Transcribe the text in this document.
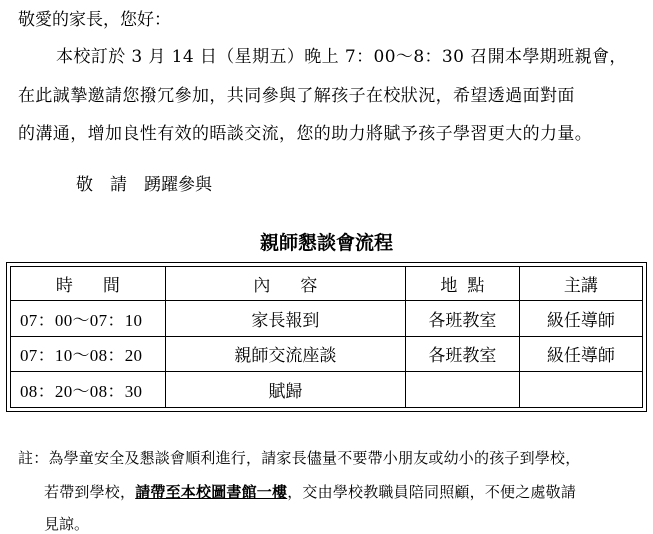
敬愛的家長，您好：
本校訂於 3 月 14 日（星期五）晚上 7：00～8：30 召開本學期班親會，
在此誠摯邀請您撥冗參加，共同參與了解孩子在校狀況，希望透過面對面
的溝通，增加良性有效的晤談交流，您的助力將賦予孩子學習更大的力量。
敬　請　踴躍參與
親師懇談會流程
時間	內容	地點	主講
07：00～07：10	家長報到	各班教室	級任導師
07：10～08：20	親師交流座談	各班教室	級任導師
08：20～08：30	賦歸		
註：為學童安全及懇談會順利進行，請家長儘量不要帶小朋友或幼小的孩子到學校，
若帶到學校，請帶至本校圖書館一樓，交由學校教職員陪同照顧，不便之處敬請
見諒。
